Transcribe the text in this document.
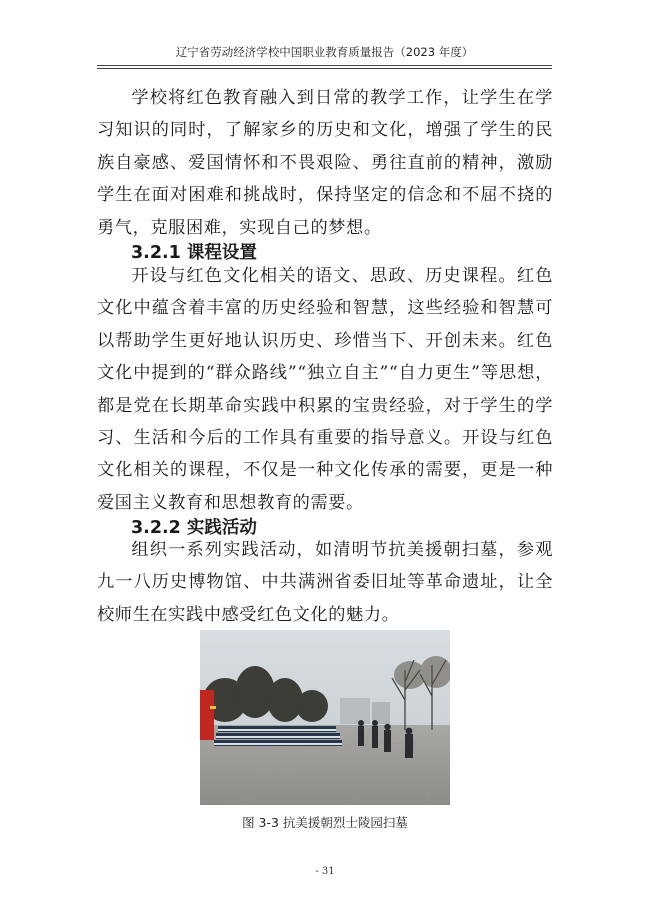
辽宁省劳动经济学校中国职业教育质量报告（2023 年度）

学校将红色教育融入到日常的教学工作，让学生在学习知识的同时，了解家乡的历史和文化，增强了学生的民族自豪感、爱国情怀和不畏艰险、勇往直前的精神，激励学生在面对困难和挑战时，保持坚定的信念和不屈不挠的勇气，克服困难，实现自己的梦想。

3.2.1 课程设置

开设与红色文化相关的语文、思政、历史课程。红色文化中蕴含着丰富的历史经验和智慧，这些经验和智慧可以帮助学生更好地认识历史、珍惜当下、开创未来。红色文化中提到的“群众路线”“独立自主”“自力更生”等思想，都是党在长期革命实践中积累的宝贵经验，对于学生的学习、生活和今后的工作具有重要的指导意义。开设与红色文化相关的课程，不仅是一种文化传承的需要，更是一种爱国主义教育和思想教育的需要。

3.2.2 实践活动

组织一系列实践活动，如清明节抗美援朝扫墓，参观九一八历史博物馆、中共满洲省委旧址等革命遗址，让全校师生在实践中感受红色文化的魅力。

图 3-3 抗美援朝烈士陵园扫墓
- 31
